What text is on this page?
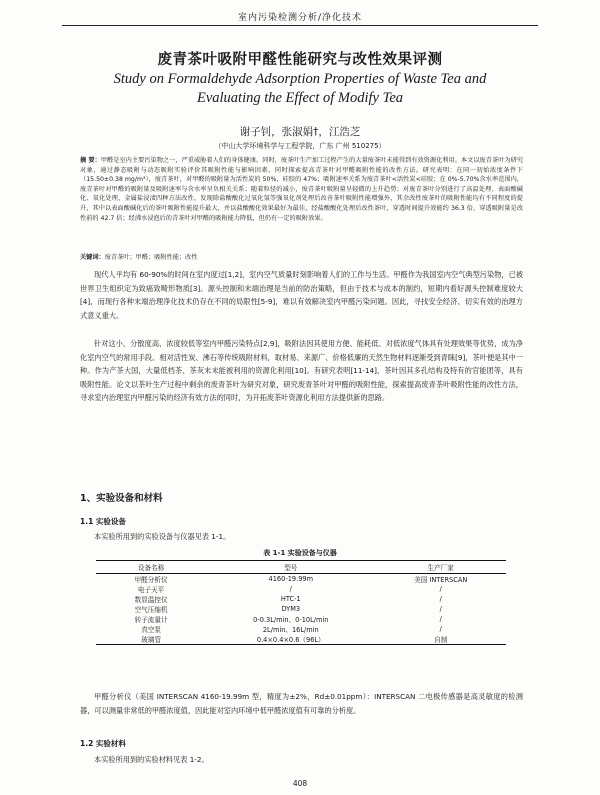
室内污染检测分析/净化技术
废青茶叶吸附甲醛性能研究与改性效果评测
Study on Formaldehyde Adsorption Properties of Waste Tea and Evaluating the Effect of Modify Tea
谢子钊，张淑娟†，江浩芝
（中山大学环境科学与工程学院，广东 广州 510275）
摘 要：甲醛是室内主要污染物之一，严重威胁着人们的身体健康。同时，废茶叶生产加工过程产生的大量废茶叶未能得到有效资源化利用。本文以废青茶叶为研究对象，通过静态吸附与动态吸附实验评价其吸附性能与影响因素，同时探索提高青茶叶对甲醛吸附性能的改性方法。研究表明：在同一初始浓度条件下（15.50±0.38 mg/m³），废青茶叶，对甲醛的吸附量为活性炭的 50%，硅胶的 47%；吸附速率关系为废青茶叶<活性炭<硅胶；在 0%-5.70%含水率范围内，废青茶叶对甲醛的吸附量及吸附速率与含水率呈负相关关系；随着粒径的减小，废青茶叶吸附量呈轻微的上升趋势；对废青茶叶分别进行了高温处理、表面酸碱化、氧化处理、金属盐浸渍四种方法改性，发现除盐酸酸化过氧化氢等强氧化剂处理后改善茶叶吸附性能增强外，其余改性废茶叶的吸附性能均有不同程度的提升，其中以表面酸碱化后的茶叶吸附性能提升最大，并以盐酸酸化效果最好为最佳，经盐酸酸化处理后改性茶叶，穿透时间提升效能约 36.3 倍，穿透吸附量是改性前的 42.7 倍；经沸水浸泡后的青茶叶对甲醛的吸附能力降低，但仍有一定的吸附效果。
关键词：废青茶叶；甲醛；吸附性能；改性
现代人平均有 60-90%的时间在室内度过[1,2]，室内空气质量时刻影响着人们的工作与生活。甲醛作为我国室内空气典型污染物，已被世界卫生组织定为致癌致畸形物质[3]。源头控制和末端治理是当前的防治策略，但由于技术与成本的制约，短期内看好源头控制难度较大[4]，而现行各种末端治理净化技术仍存在不同的局限性[5-9]，难以有效解决室内甲醛污染问题。因此，寻找安全经济、切实有效的治理方式意义重大。
针对这小、分散度高、浓度较低等室内甲醛污染特点[2,9]，吸附法因其使用方便、能耗低、对低浓度气体具有处理效果等优势，成为净化室内空气的常用手段。相对活性炭、沸石等传统吸附材料，取材易、来源广、价格低廉的天然生物材料逐渐受到青睐[9]，茶叶便是其中一种。作为产茶大国，大量低档茶、茶灰末未能被利用的资源化利用[10]。有研究表明[11-14]，茶叶因其多孔结构及特有的官能团等，具有吸附性能。论文以茶叶生产过程中剩余的废青茶叶为研究对象，研究废青茶叶对甲醛的吸附性能，探索提高废青茶叶吸附性能的改性方法，寻求室内治理室内甲醛污染的经济有效方法的同时，为开拓废茶叶资源化利用方法提供新的思路。
1、实验设备和材料
1.1 实验设备
本实验所用到的实验设备与仪器见表 1-1。
表 1-1 实验设备与仪器
设备名称	型号	生产厂家
甲醛分析仪	4160-19.99m	美国 INTERSCAN
电子天平	/	/
数显温控仪	HTC-1	/
空气压缩机	DYM3	/
转子流量计	0-0.3L/min、0-10L/min	/
真空泵	2L/min、16L/min	/
玻璃管	0.4×0.4×0.6（96L）	自制
甲醛分析仪（美国 INTERSCAN 4160-19.99m 型，精度为±2%，Rd±0.01ppm）：INTERSCAN 二电极传感器是高灵敏度的检测器，可以测量非常低的甲醛浓度值，因此能对室内环境中低甲醛浓度值有可靠的分析度。
1.2 实验材料
本实验所用到的实验材料见表 1-2。
408
